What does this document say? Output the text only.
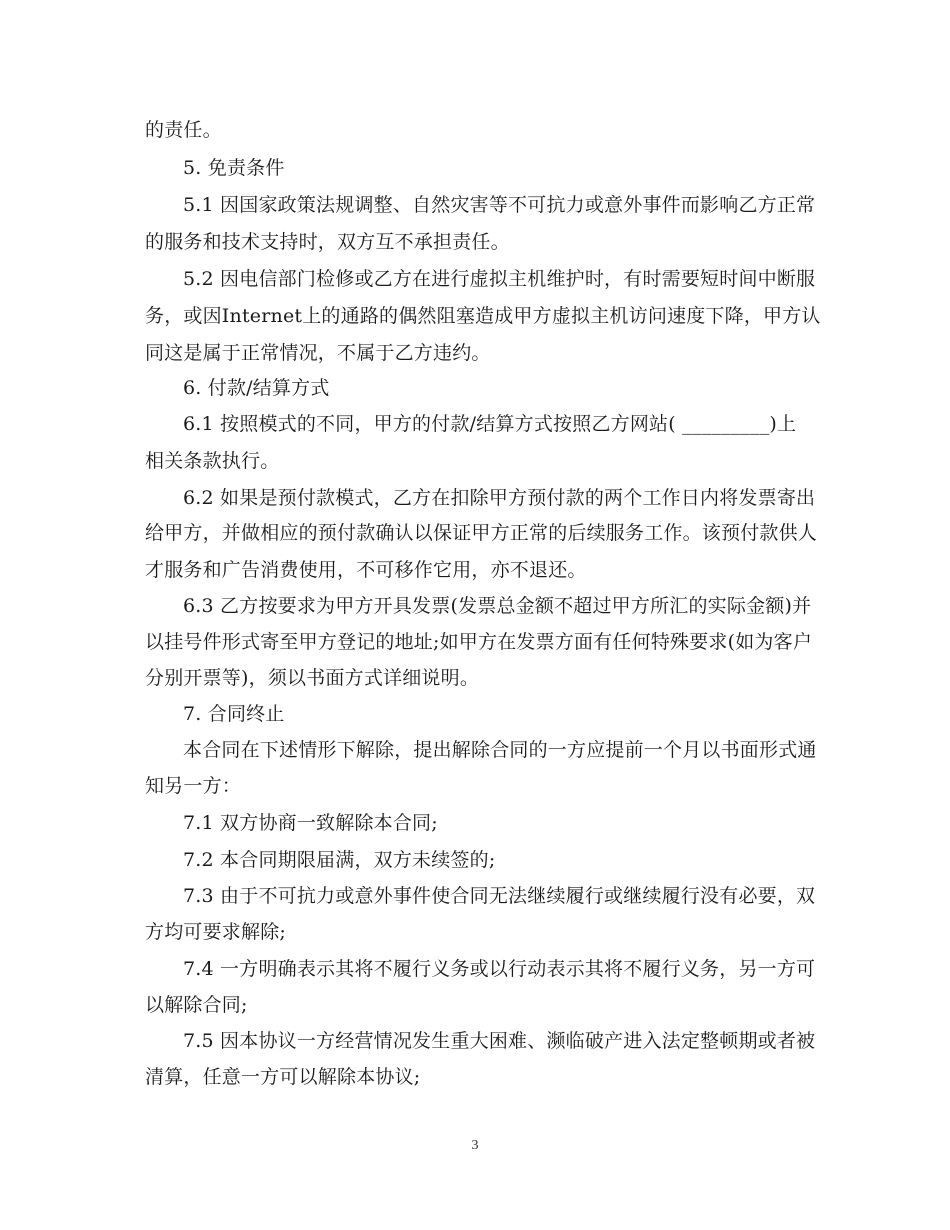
的责任。
5. 免责条件
5.1 因国家政策法规调整、自然灾害等不可抗力或意外事件而影响乙方正常
的服务和技术支持时，双方互不承担责任。
5.2 因电信部门检修或乙方在进行虚拟主机维护时，有时需要短时间中断服
务，或因Internet上的通路的偶然阻塞造成甲方虚拟主机访问速度下降，甲方认
同这是属于正常情况，不属于乙方违约。
6. 付款/结算方式
6.1 按照模式的不同，甲方的付款/结算方式按照乙方网站( _________)上
相关条款执行。
6.2 如果是预付款模式，乙方在扣除甲方预付款的两个工作日内将发票寄出
给甲方，并做相应的预付款确认以保证甲方正常的后续服务工作。该预付款供人
才服务和广告消费使用，不可移作它用，亦不退还。
6.3 乙方按要求为甲方开具发票(发票总金额不超过甲方所汇的实际金额)并
以挂号件形式寄至甲方登记的地址;如甲方在发票方面有任何特殊要求(如为客户
分别开票等)，须以书面方式详细说明。
7. 合同终止
本合同在下述情形下解除，提出解除合同的一方应提前一个月以书面形式通
知另一方：
7.1 双方协商一致解除本合同;
7.2 本合同期限届满，双方未续签的;
7.3 由于不可抗力或意外事件使合同无法继续履行或继续履行没有必要，双
方均可要求解除;
7.4 一方明确表示其将不履行义务或以行动表示其将不履行义务，另一方可
以解除合同;
7.5 因本协议一方经营情况发生重大困难、濒临破产进入法定整顿期或者被
清算，任意一方可以解除本协议;
3
